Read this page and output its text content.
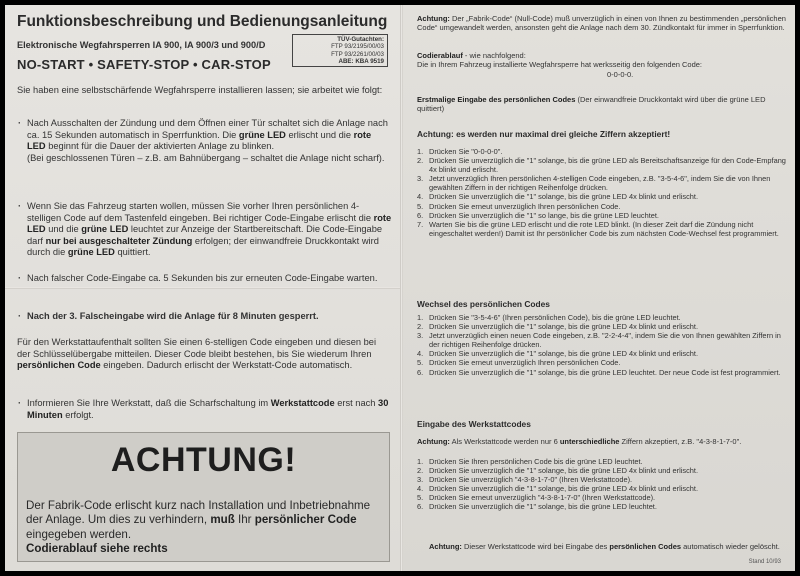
Funktionsbeschreibung und Bedienungsanleitung
Elektronische Wegfahrsperren IA 900, IA 900/3 und 900/D
NO-START • SAFETY-STOP • CAR-STOP
TÜV-Gutachten:
FTP 93/2195/00/03
FTP 93/2261/00/03
ABE: KBA 9519
Sie haben eine selbstschärfende Wegfahrsperre installieren lassen; sie arbeitet wie folgt:
· Nach Ausschalten der Zündung und dem Öffnen einer Tür schaltet sich die Anlage nach ca. 15 Sekunden automatisch in Sperrfunktion. Die grüne LED erlischt und die rote LED beginnt für die Dauer der aktivierten Anlage zu blinken.
(Bei geschlossenen Türen – z.B. am Bahnübergang – schaltet die Anlage nicht scharf).
· Wenn Sie das Fahrzeug starten wollen, müssen Sie vorher Ihren persönlichen 4-stelligen Code auf dem Tastenfeld eingeben. Bei richtiger Code-Eingabe erlischt die rote LED und die grüne LED leuchtet zur Anzeige der Startbereitschaft. Die Code-Eingabe darf nur bei ausgeschalteter Zündung erfolgen; der einwandfreie Druckkontakt wird durch die grüne LED quittiert.
· Nach falscher Code-Eingabe ca. 5 Sekunden bis zur erneuten Code-Eingabe warten.
· Nach der 3. Falscheingabe wird die Anlage für 8 Minuten gesperrt.
Für den Werkstattaufenthalt sollten Sie einen 6-stelligen Code eingeben und diesen bei der Schlüsselübergabe mitteilen. Dieser Code bleibt bestehen, bis Sie wiederum Ihren persönlichen Code eingeben. Dadurch erlischt der Werkstatt-Code automatisch.
· Informieren Sie Ihre Werkstatt, daß die Scharfschaltung im Werkstattcode erst nach 30 Minuten erfolgt.
ACHTUNG!
Der Fabrik-Code erlischt kurz nach Installation und Inbetriebnahme der Anlage. Um dies zu verhindern, muß Ihr persönlicher Code eingegeben werden.
Codierablauf siehe rechts
Achtung: Der „Fabrik-Code“ (Null-Code) muß unverzüglich in einen von Ihnen zu bestimmenden „persönlichen Code“ umgewandelt werden, ansonsten geht die Anlage nach dem 30. Zündkontakt für immer in Sperrfunktion.
Codierablauf - wie nachfolgend:
Die in Ihrem Fahrzeug installierte Wegfahrsperre hat werksseitig den folgenden Code:
0-0-0-0.
Erstmalige Eingabe des persönlichen Codes (Der einwandfreie Druckkontakt wird über die grüne LED quittiert)
Achtung: es werden nur maximal drei gleiche Ziffern akzeptiert!
1. Drücken Sie "0-0-0-0".
2. Drücken Sie unverzüglich die "1" solange, bis die grüne LED als Bereitschaftsanzeige für den Code-Empfang 4x blinkt und erlischt.
3. Jetzt unverzüglich Ihren persönlichen 4-stelligen Code eingeben, z.B. "3-5-4-6", indem Sie die von Ihnen gewählten Ziffern in der richtigen Reihenfolge drücken.
4. Drücken Sie unverzüglich die "1" solange, bis die grüne LED 4x blinkt und erlischt.
5. Drücken Sie erneut unverzüglich Ihren persönlichen Code.
6. Drücken Sie unverzüglich die "1" so lange, bis die grüne LED leuchtet.
7. Warten Sie bis die grüne LED erlischt und die rote LED blinkt. (In dieser Zeit darf die Zündung nicht eingeschaltet werden!) Damit ist Ihr persönlicher Code bis zum nächsten Code-Wechsel fest programmiert.
Wechsel des persönlichen Codes
1. Drücken Sie "3-5-4-6" (Ihren persönlichen Code), bis die grüne LED leuchtet.
2. Drücken Sie unverzüglich die "1" solange, bis die grüne LED 4x blinkt und erlischt.
3. Jetzt unverzüglich einen neuen Code eingeben, z.B. "2-2-4-4", indem Sie die von Ihnen gewählten Ziffern in der richtigen Reihenfolge drücken.
4. Drücken Sie unverzüglich die "1" solange, bis die grüne LED 4x blinkt und erlischt.
5. Drücken Sie erneut unverzüglich Ihren persönlichen Code.
6. Drücken Sie unverzüglich die "1" solange, bis die grüne LED leuchtet. Der neue Code ist fest programmiert.
Eingabe des Werkstattcodes
Achtung: Als Werkstattcode werden nur 6 unterschiedliche Ziffern akzeptiert, z.B. "4-3-8-1-7-0".
1. Drücken Sie Ihren persönlichen Code bis die grüne LED leuchtet.
2. Drücken Sie unverzüglich die "1" solange, bis die grüne LED 4x blinkt und erlischt.
3. Drücken Sie unverzüglich "4-3-8-1-7-0" (Ihren Werkstattcode).
4. Drücken Sie unverzüglich die "1" solange, bis die grüne LED 4x blinkt und erlischt.
5. Drücken Sie erneut unverzüglich "4-3-8-1-7-0" (Ihren Werkstattcode).
6. Drücken Sie unverzüglich die "1" solange, bis die grüne LED leuchtet.
Achtung: Dieser Werkstattcode wird bei Eingabe des persönlichen Codes automatisch wieder gelöscht.
Stand 10/93
